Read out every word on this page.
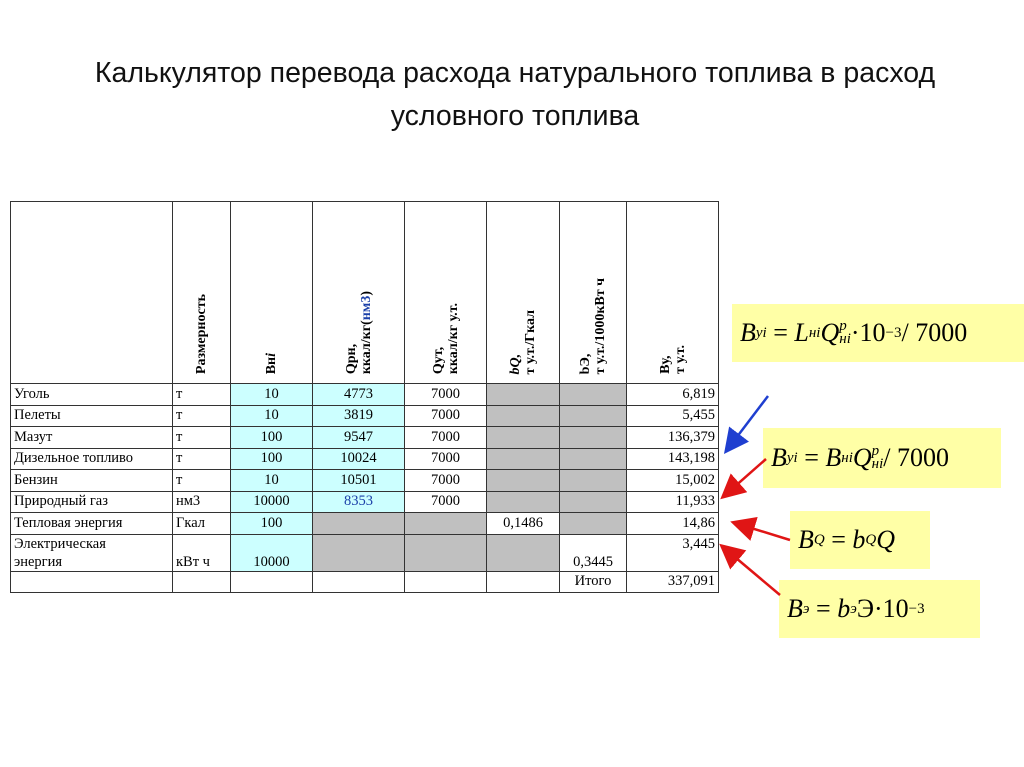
Калькулятор перевода расхода натурального топлива в расход условного топлива
	Размерность	Внi	Qрн,
ккал/кг(нм3)	Qут,
ккал/кг у.т.	bQ,
т у.т./Гкал	bЭ,
т у.т./1000кВт ч	Ву,
т у.т.
Уголь	т	10	4773	7000			6,819
Пелеты	т	10	3819	7000			5,455
Мазут	т	100	9547	7000			136,379
Дизельное топливо	т	100	10024	7000			143,198
Бензин	т	10	10501	7000			15,002
Природный газ	нм3	10000	8353	7000			11,933
Тепловая энергия	Гкал	100			0,1486		14,86
Электрическая
энергия	кВт ч	10000				0,3445	3,445
						Итого	337,091
B уi
=
L нi Q р
нi ·10 −3 / 7000
B уi
=
B нi Q р
нi / 7000
B Q
=
b Q Q
B э
=
b э Э ·10 −3
